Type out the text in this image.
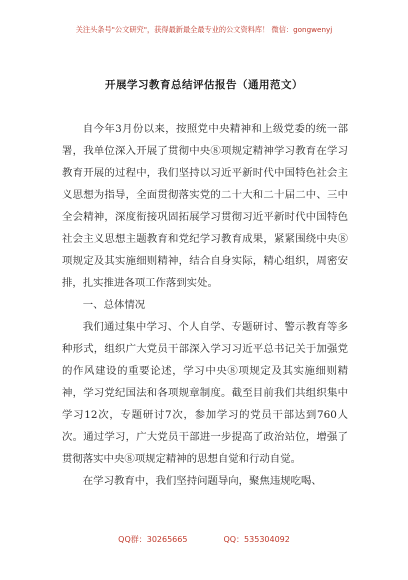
关注头条号"公文研究"，获得最新最全最专业的公文资料库！ 微信：gongwenyj
开展学习教育总结评估报告（通用范文）

自今年3月份以来，按照党中央精神和上级党委的统一部署，我单位深入开展了贯彻中央⑧项规定精神学习教育在学习教育开展的过程中，我们坚持以习近平新时代中国特色社会主义思想为指导，全面贯彻落实党的二十大和二十届二中、三中全会精神，深度衔接巩固拓展学习贯彻习近平新时代中国特色社会主义思想主题教育和党纪学习教育成果，紧紧围绕中央⑧项规定及其实施细则精神，结合自身实际，精心组织，周密安排，扎实推进各项工作落到实处。

一、总体情况

我们通过集中学习、个人自学、专题研讨、警示教育等多种形式，组织广大党员干部深入学习习近平总书记关于加强党的作风建设的重要论述，学习中央⑧项规定及其实施细则精神，学习党纪国法和各项规章制度。截至目前我们共组织集中学习12次，专题研讨7次，参加学习的党员干部达到760人次。通过学习，广大党员干部进一步提高了政治站位，增强了贯彻落实中央⑧项规定精神的思想自觉和行动自觉。

在学习教育中，我们坚持问题导向，聚焦违规吃喝、

QQ群：30265665	QQ：535304092
